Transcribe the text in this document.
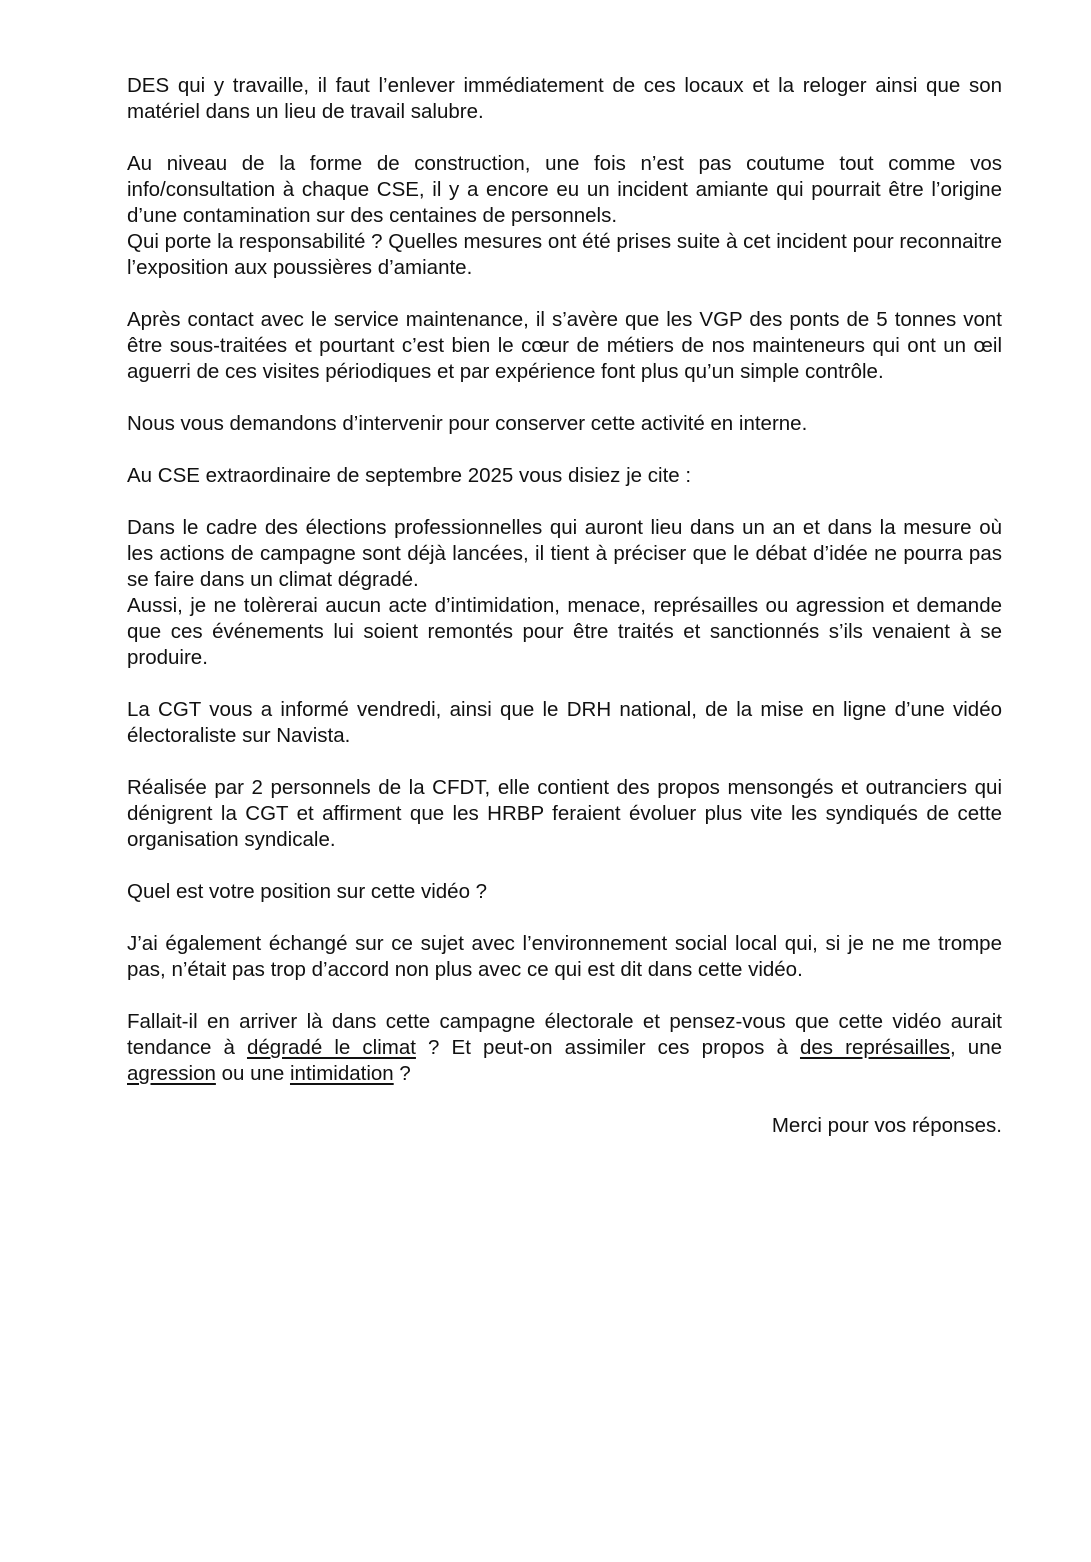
DES qui y travaille, il faut l’enlever immédiatement de ces locaux et la reloger ainsi que son matériel dans un lieu de travail salubre.

Au niveau de la forme de construction, une fois n’est pas coutume tout comme vos info/consultation à chaque CSE, il y a encore eu un incident amiante qui pourrait être l’origine d’une contamination sur des centaines de personnels.

Qui porte la responsabilité ? Quelles mesures ont été prises suite à cet incident pour reconnaitre l’exposition aux poussières d’amiante.

Après contact avec le service maintenance, il s’avère que les VGP des ponts de 5 tonnes vont être sous-traitées et pourtant c’est bien le cœur de métiers de nos mainteneurs qui ont un œil aguerri de ces visites périodiques et par expérience font plus qu’un simple contrôle.

Nous vous demandons d’intervenir pour conserver cette activité en interne.

Au CSE extraordinaire de septembre 2025 vous disiez je cite :

Dans le cadre des élections professionnelles qui auront lieu dans un an et dans la mesure où les actions de campagne sont déjà lancées, il tient à préciser que le débat d’idée ne pourra pas se faire dans un climat dégradé.

Aussi, je ne tolèrerai aucun acte d’intimidation, menace, représailles ou agression et demande que ces événements lui soient remontés pour être traités et sanctionnés s’ils venaient à se produire.

La CGT vous a informé vendredi, ainsi que le DRH national, de la mise en ligne d’une vidéo électoraliste sur Navista.

Réalisée par 2 personnels de la CFDT, elle contient des propos mensongés et outranciers qui dénigrent la CGT et affirment que les HRBP feraient évoluer plus vite les syndiqués de cette organisation syndicale.

Quel est votre position sur cette vidéo ?

J’ai également échangé sur ce sujet avec l’environnement social local qui, si je ne me trompe pas, n’était pas trop d’accord non plus avec ce qui est dit dans cette vidéo.

Fallait-il en arriver là dans cette campagne électorale et pensez-vous que cette vidéo aurait tendance à dégradé le climat ? Et peut-on assimiler ces propos à des représailles, une agression ou une intimidation ?

Merci pour vos réponses.
